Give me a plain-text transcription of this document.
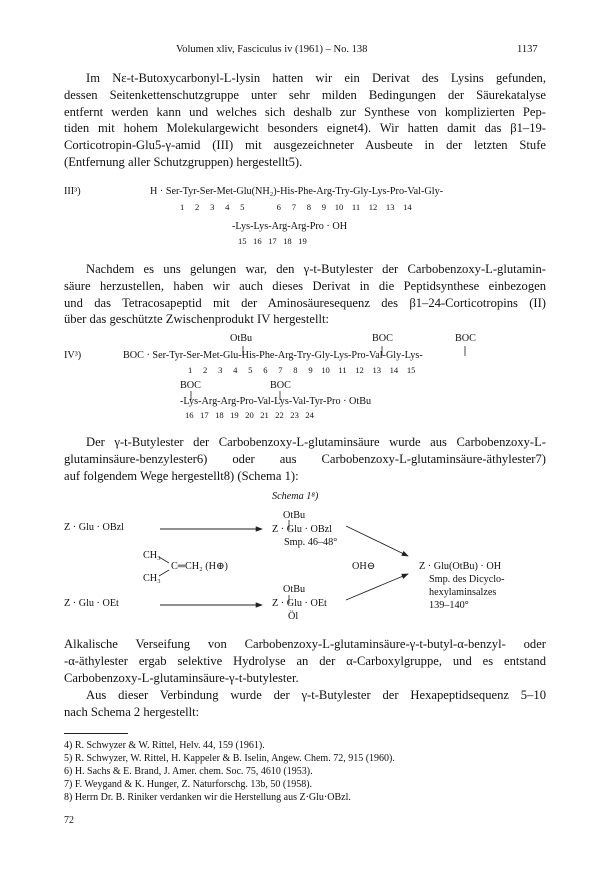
Volumen xliv, Fasciculus iv (1961) – No. 138	1137
Im Nε-t-Butoxycarbonyl-L-lysin hatten wir ein Derivat des Lysins gefunden,
dessen Seitenkettenschutzgruppe unter sehr milden Bedingungen der Säurekatalyse
entfernt werden kann und welches sich deshalb zur Synthese von komplizierten Pep-
tiden mit hohem Molekulargewicht besonders eignet4). Wir hatten damit das β1–19-
Corticotropin-Glu5-γ-amid (III) mit ausgezeichneter Ausbeute in der letzten Stufe
(Entfernung aller Schutzgruppen) hergestellt5).
III³)	H · Ser-Tyr-Ser-Met-Glu(NH₂)-His-Phe-Arg-Try-Gly-Lys-Pro-Val-Gly-
1     2     3     4     5               6     7     8     9    10    11    12    13    14
-Lys-Lys-Arg-Arg-Pro · OH
15   16   17   18   19
Nachdem es uns gelungen war, den γ-t-Butylester der Carbobenzoxy-L-glutamin-
säure herzustellen, haben wir auch dieses Derivat in die Peptidsynthese einbezogen
und das Tetracosapeptid mit der Aminosäuresequenz des β1–24-Corticotropins (II)
über das geschützte Zwischenprodukt IV hergestellt:
OtBu	BOC	BOC
IV³)	BOC · Ser-Tyr-Ser-Met-Glu-His-Phe-Arg-Try-Gly-Lys-Pro-Val-Gly-Lys-
1     2     3     4     5     6     7     8     9    10    11    12    13    14    15
BOC	BOC
-Lys-Arg-Arg-Pro-Val-Lys-Val-Tyr-Pro · OtBu
16   17   18   19   20   21   22   23   24
Der γ-t-Butylester der Carbobenzoxy-L-glutaminsäure wurde aus Carbobenzoxy-L-
glutaminsäure-benzylester6) oder aus Carbobenzoxy-L-glutaminsäure-äthylester7)
auf folgendem Wege hergestellt8) (Schema 1):
Schema 1⁸)
OtBu
Z · Glu · OBzl	Z · Glu · OBzl
Smp. 46–48°
CH₃
C═CH₂ (H⊕)
CH₃
OH⊖	Z · Glu(OtBu) · OH
Smp. des Dicyclo-
hexylaminsalzes
139–140°
OtBu
Z · Glu · OEt	Z · Glu · OEt
Öl
Alkalische Verseifung von Carbobenzoxy-L-glutaminsäure-γ-t-butyl-α-benzyl- oder
-α-äthylester ergab selektive Hydrolyse an der α-Carboxylgruppe, und es entstand
Carbobenzoxy-L-glutaminsäure-γ-t-butylester.
Aus dieser Verbindung wurde der γ-t-Butylester der Hexapeptidsequenz 5–10
nach Schema 2 hergestellt:
4) R. Schwyzer & W. Rittel, Helv. 44, 159 (1961).
5) R. Schwyzer, W. Rittel, H. Kappeler & B. Iselin, Angew. Chem. 72, 915 (1960).
6) H. Sachs & E. Brand, J. Amer. chem. Soc. 75, 4610 (1953).
7) F. Weygand & K. Hunger, Z. Naturforschg. 13b, 50 (1958).
8) Herrn Dr. B. Riniker verdanken wir die Herstellung aus Z·Glu·OBzl.
72
